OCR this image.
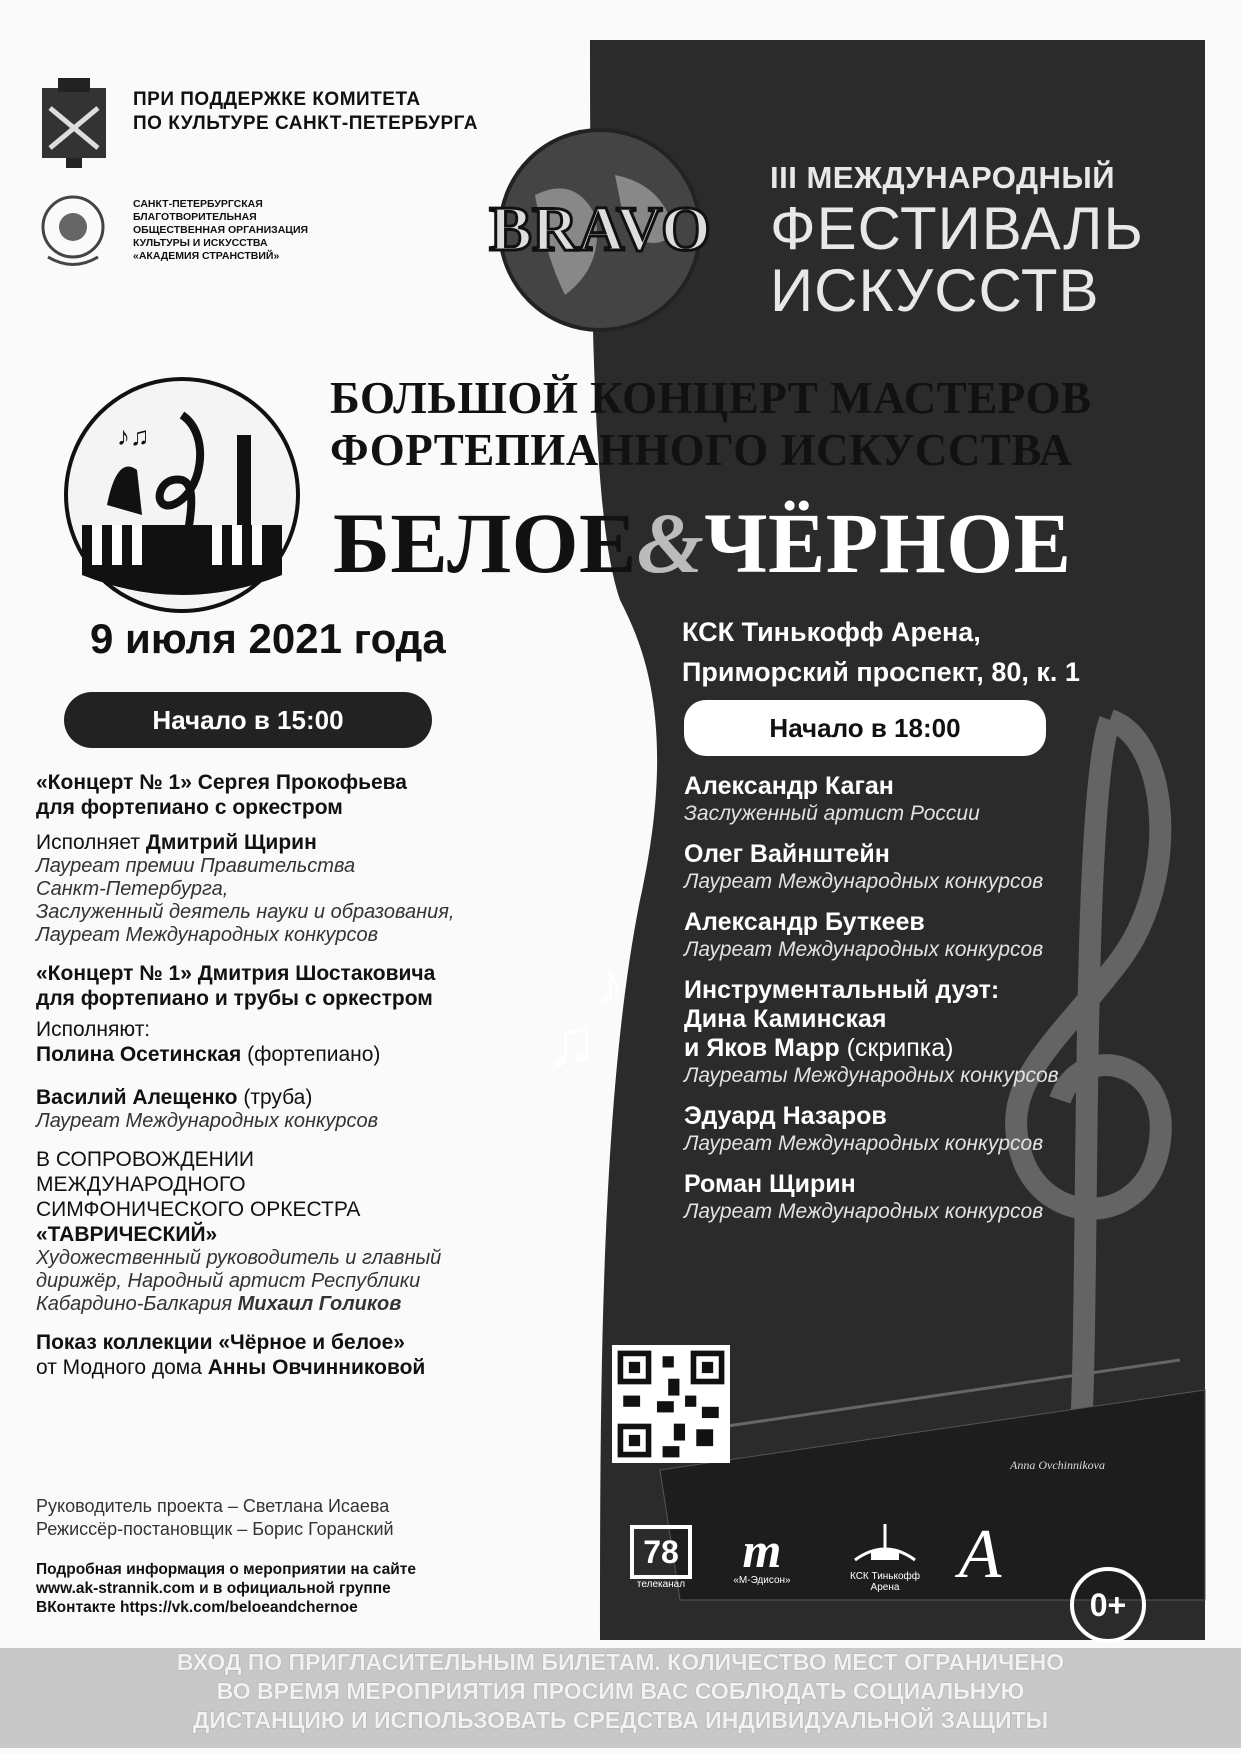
ПРИ ПОДДЕРЖКЕ КОМИТЕТА
ПО КУЛЬТУРЕ САНКТ-ПЕТЕРБУРГА
САНКТ-ПЕТЕРБУРГСКАЯ
БЛАГОТВОРИТЕЛЬНАЯ
ОБЩЕСТВЕННАЯ ОРГАНИЗАЦИЯ
КУЛЬТУРЫ И ИСКУССТВА
«АКАДЕМИЯ СТРАНСТВИЙ»	BRAVO
III МЕЖДУНАРОДНЫЙ
ФЕСТИВАЛЬ
ИСКУССТВ
♪♫
БОЛЬШОЙ КОНЦЕРТ МАСТЕРОВ
ФОРТЕПИАННОГО ИСКУССТВА
БЕЛОЕ&ЧЁРНОЕ
9 июля 2021 года	КСК Тинькофф Арена,
Приморский проспект, 80, к. 1
Начало в 15:00	Начало в 18:00
«Концерт № 1» Сергея Прокофьева
для фортепиано с оркестром
Исполняет Дмитрий Щирин
Лауреат премии Правительства
Санкт-Петербурга,
Заслуженный деятель науки и образования,
Лауреат Международных конкурсов
«Концерт № 1» Дмитрия Шостаковича
для фортепиано и трубы с оркестром
Исполняют:
Полина Осетинская (фортепиано)
Василий Алещенко (труба)
Лауреат Международных конкурсов
В СОПРОВОЖДЕНИИ
МЕЖДУНАРОДНОГО
СИМФОНИЧЕСКОГО ОРКЕСТРА
«ТАВРИЧЕСКИЙ»
Художественный руководитель и главный
дирижёр, Народный артист Республики
Кабардино-Балкария Михаил Голиков
Показ коллекции «Чёрное и белое»
от Модного дома Анны Овчинниковой
Руководитель проекта – Светлана Исаева
Режиссёр-постановщик – Борис Горанский
Подробная информация о мероприятии на сайте
www.ak-strannik.com и в официальной группе
ВКонтакте https://vk.com/beloeandchernoe
♫
♪
Александр Каган
Заслуженный артист России
Олег Вайнштейн
Лауреат Международных конкурсов
Александр Буткеев
Лауреат Международных конкурсов
Инструментальный дуэт:
Дина Каминская
и Яков Марр (скрипка)
Лауреаты Международных конкурсов
Эдуард Назаров
Лауреат Международных конкурсов
Роман Щирин
Лауреат Международных конкурсов
78
телеканал
m
«М-Эдисон»	КСК Тинькофф
Арена A
Anna Ovchinnikova
0+
ВХОД ПО ПРИГЛАСИТЕЛЬНЫМ БИЛЕТАМ. КОЛИЧЕСТВО МЕСТ ОГРАНИЧЕНО
ВО ВРЕМЯ МЕРОПРИЯТИЯ ПРОСИМ ВАС СОБЛЮДАТЬ СОЦИАЛЬНУЮ
ДИСТАНЦИЮ И ИСПОЛЬЗОВАТЬ СРЕДСТВА ИНДИВИДУАЛЬНОЙ ЗАЩИТЫ
